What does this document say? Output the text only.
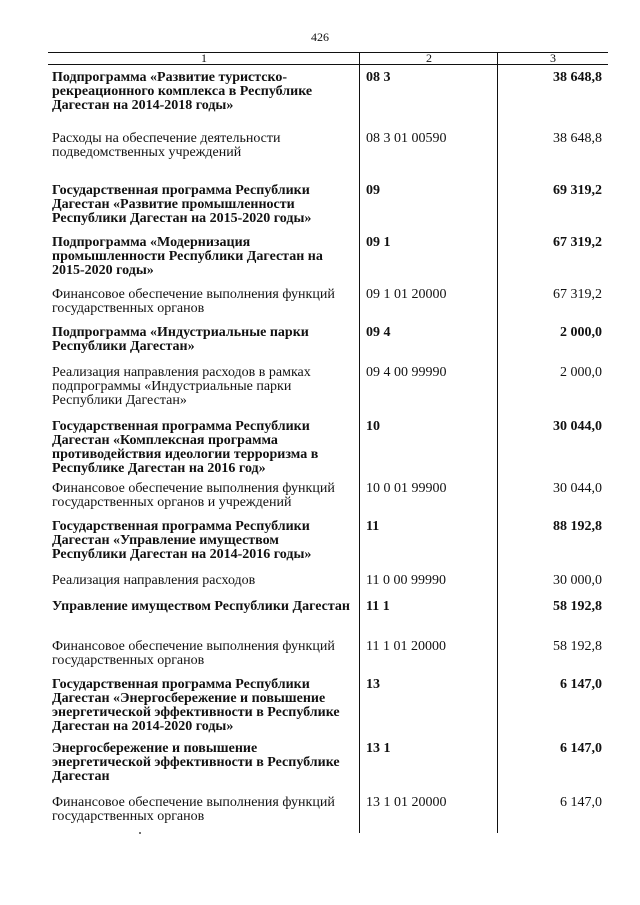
426
1	2	3
Подпрограмма «Развитие туристско-рекреационного комплекса в Республике Дагестан на 2014-2018 годы»
08 3	38 648,8
Расходы на обеспечение деятельности подведомственных учреждений
08 3 01 00590	38 648,8
Государственная программа Республики Дагестан «Развитие промышленности Республики Дагестан на 2015-2020 годы»
09	69 319,2
Подпрограмма «Модернизация промышленности Республики Дагестан на 2015-2020 годы»
09 1	67 319,2
Финансовое обеспечение выполнения функций государственных органов
09 1 01 20000	67 319,2
Подпрограмма «Индустриальные парки Республики Дагестан»
09 4	2 000,0
Реализация направления расходов в рамках подпрограммы «Индустриальные парки Республики Дагестан»
09 4 00 99990	2 000,0
Государственная программа Республики Дагестан «Комплексная программа противодействия идеологии терроризма в Республике Дагестан на 2016 год»
10	30 044,0
Финансовое обеспечение выполнения функций государственных органов и учреждений
10 0 01 99900	30 044,0
Государственная программа Республики Дагестан «Управление имуществом Республики Дагестан на 2014-2016 годы»
11	88 192,8
Реализация направления расходов	11 0 00 99990	30 000,0
Управление имуществом Республики Дагестан 11 1	58 192,8
Финансовое обеспечение выполнения функций государственных органов
11 1 01 20000	58 192,8
Государственная программа Республики Дагестан «Энергосбережение и повышение энергетической эффективности в Республике Дагестан на 2014-2020 годы»
13	6 147,0
Энергосбережение и повышение энергетической эффективности в Республике Дагестан
13 1	6 147,0
Финансовое обеспечение выполнения функций государственных органов
13 1 01 20000	6 147,0
